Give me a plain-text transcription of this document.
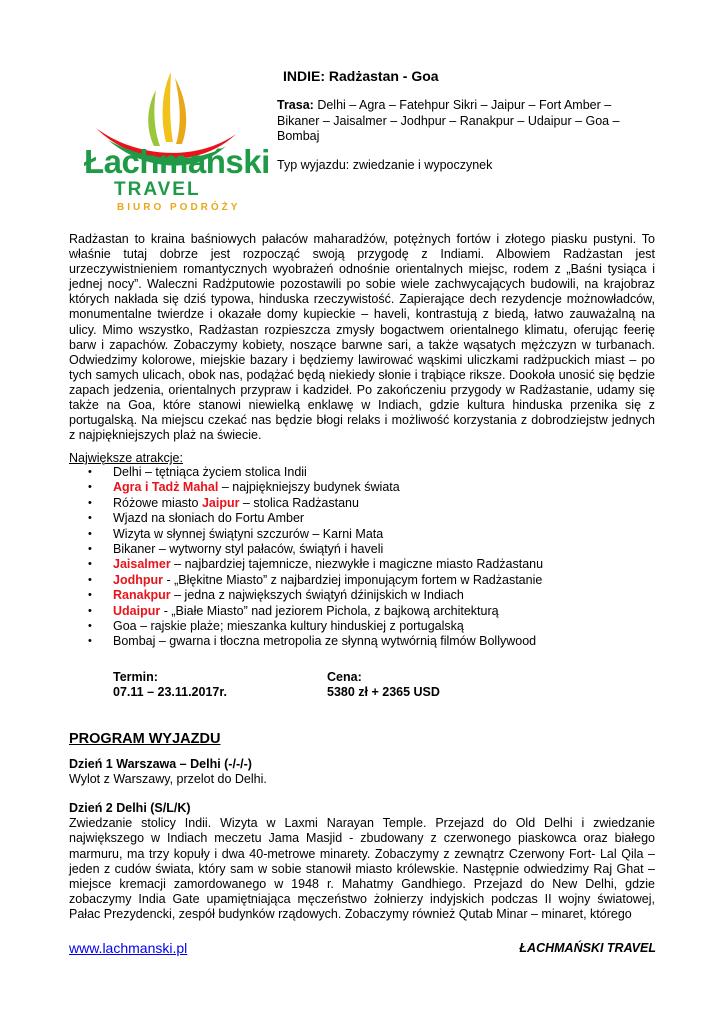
Łachmański
TRAVEL
BIURO PODRÓŻY
INDIE: Radżastan - Goa
Trasa: Delhi – Agra – Fatehpur Sikri – Jaipur – Fort Amber – Bikaner – Jaisalmer – Jodhpur – Ranakpur – Udaipur – Goa – Bombaj
Typ wyjazdu: zwiedzanie i wypoczynek
Radżastan to kraina baśniowych pałaców maharadżów, potężnych fortów i złotego piasku pustyni. To właśnie tutaj dobrze jest rozpocząć swoją przygodę z Indiami. Albowiem Radżastan jest urzeczywistnieniem romantycznych wyobrażeń odnośnie orientalnych miejsc, rodem z „Baśni tysiąca i jednej nocy”. Waleczni Radżputowie pozostawili po sobie wiele zachwycających budowili, na krajobraz których nakłada się dziś typowa, hinduska rzeczywistość. Zapierające dech rezydencje możnowładców, monumentalne twierdze i okazałe domy kupieckie – haveli, kontrastują z biedą, łatwo zauważalną na ulicy. Mimo wszystko, Radżastan rozpieszcza zmysły bogactwem orientalnego klimatu, oferując feerię barw i zapachów. Zobaczymy kobiety, noszące barwne sari, a także wąsatych mężczyzn w turbanach. Odwiedzimy kolorowe, miejskie bazary i będziemy lawirować wąskimi uliczkami radżpuckich miast – po tych samych ulicach, obok nas, podążać będą niekiedy słonie i trąbiące riksze. Dookoła unosić się będzie zapach jedzenia, orientalnych przypraw i kadzideł. Po zakończeniu przygody w Radżastanie, udamy się także na Goa, które stanowi niewielką enklawę w Indiach, gdzie kultura hinduska przenika się z portugalską. Na miejscu czekać nas będzie błogi relaks i możliwość korzystania z dobrodziejstw jednych z najpiękniejszych plaż na świecie.
Największe atrakcje:
• Delhi – tętniąca życiem stolica Indii
• Agra i Tadż Mahal – najpiękniejszy budynek świata
• Różowe miasto Jaipur – stolica Radżastanu
• Wjazd na słoniach do Fortu Amber
• Wizyta w słynnej świątyni szczurów – Karni Mata
• Bikaner – wytworny styl pałaców, świątyń i haveli
• Jaisalmer – najbardziej tajemnicze, niezwykłe i magiczne miasto Radżastanu
• Jodhpur - „Błękitne Miasto” z najbardziej imponującym fortem w Radżastanie
• Ranakpur – jedna z największych świątyń dźinijskich w Indiach
• Udaipur - „Białe Miasto” nad jeziorem Pichola, z bajkową architekturą
• Goa – rajskie plaże; mieszanka kultury hinduskiej z portugalską
• Bombaj – gwarna i tłoczna metropolia ze słynną wytwórnią filmów Bollywood
Termin:
07.11 – 23.11.2017r.
Cena:
5380 zł + 2365 USD
PROGRAM WYJAZDU
Dzień 1 Warszawa – Delhi (-/-/-)
Wylot z Warszawy, przelot do Delhi.
Dzień 2 Delhi (S/L/K)
Zwiedzanie stolicy Indii. Wizyta w Laxmi Narayan Temple. Przejazd do Old Delhi i zwiedzanie największego w Indiach meczetu Jama Masjid - zbudowany z czerwonego piaskowca oraz białego marmuru, ma trzy kopuły i dwa 40-metrowe minarety. Zobaczymy z zewnątrz Czerwony Fort- Lal Qila – jeden z cudów świata, który sam w sobie stanowił miasto królewskie. Następnie odwiedzimy Raj Ghat – miejsce kremacji zamordowanego w 1948 r. Mahatmy Gandhiego. Przejazd do New Delhi, gdzie zobaczymy India Gate upamiętniająca męczeństwo żołnierzy indyjskich podczas II wojny światowej, Pałac Prezydencki, zespół budynków rządowych. Zobaczymy również Qutab Minar – minaret, którego
www.lachmanski.pl	ŁACHMAŃSKI TRAVEL
